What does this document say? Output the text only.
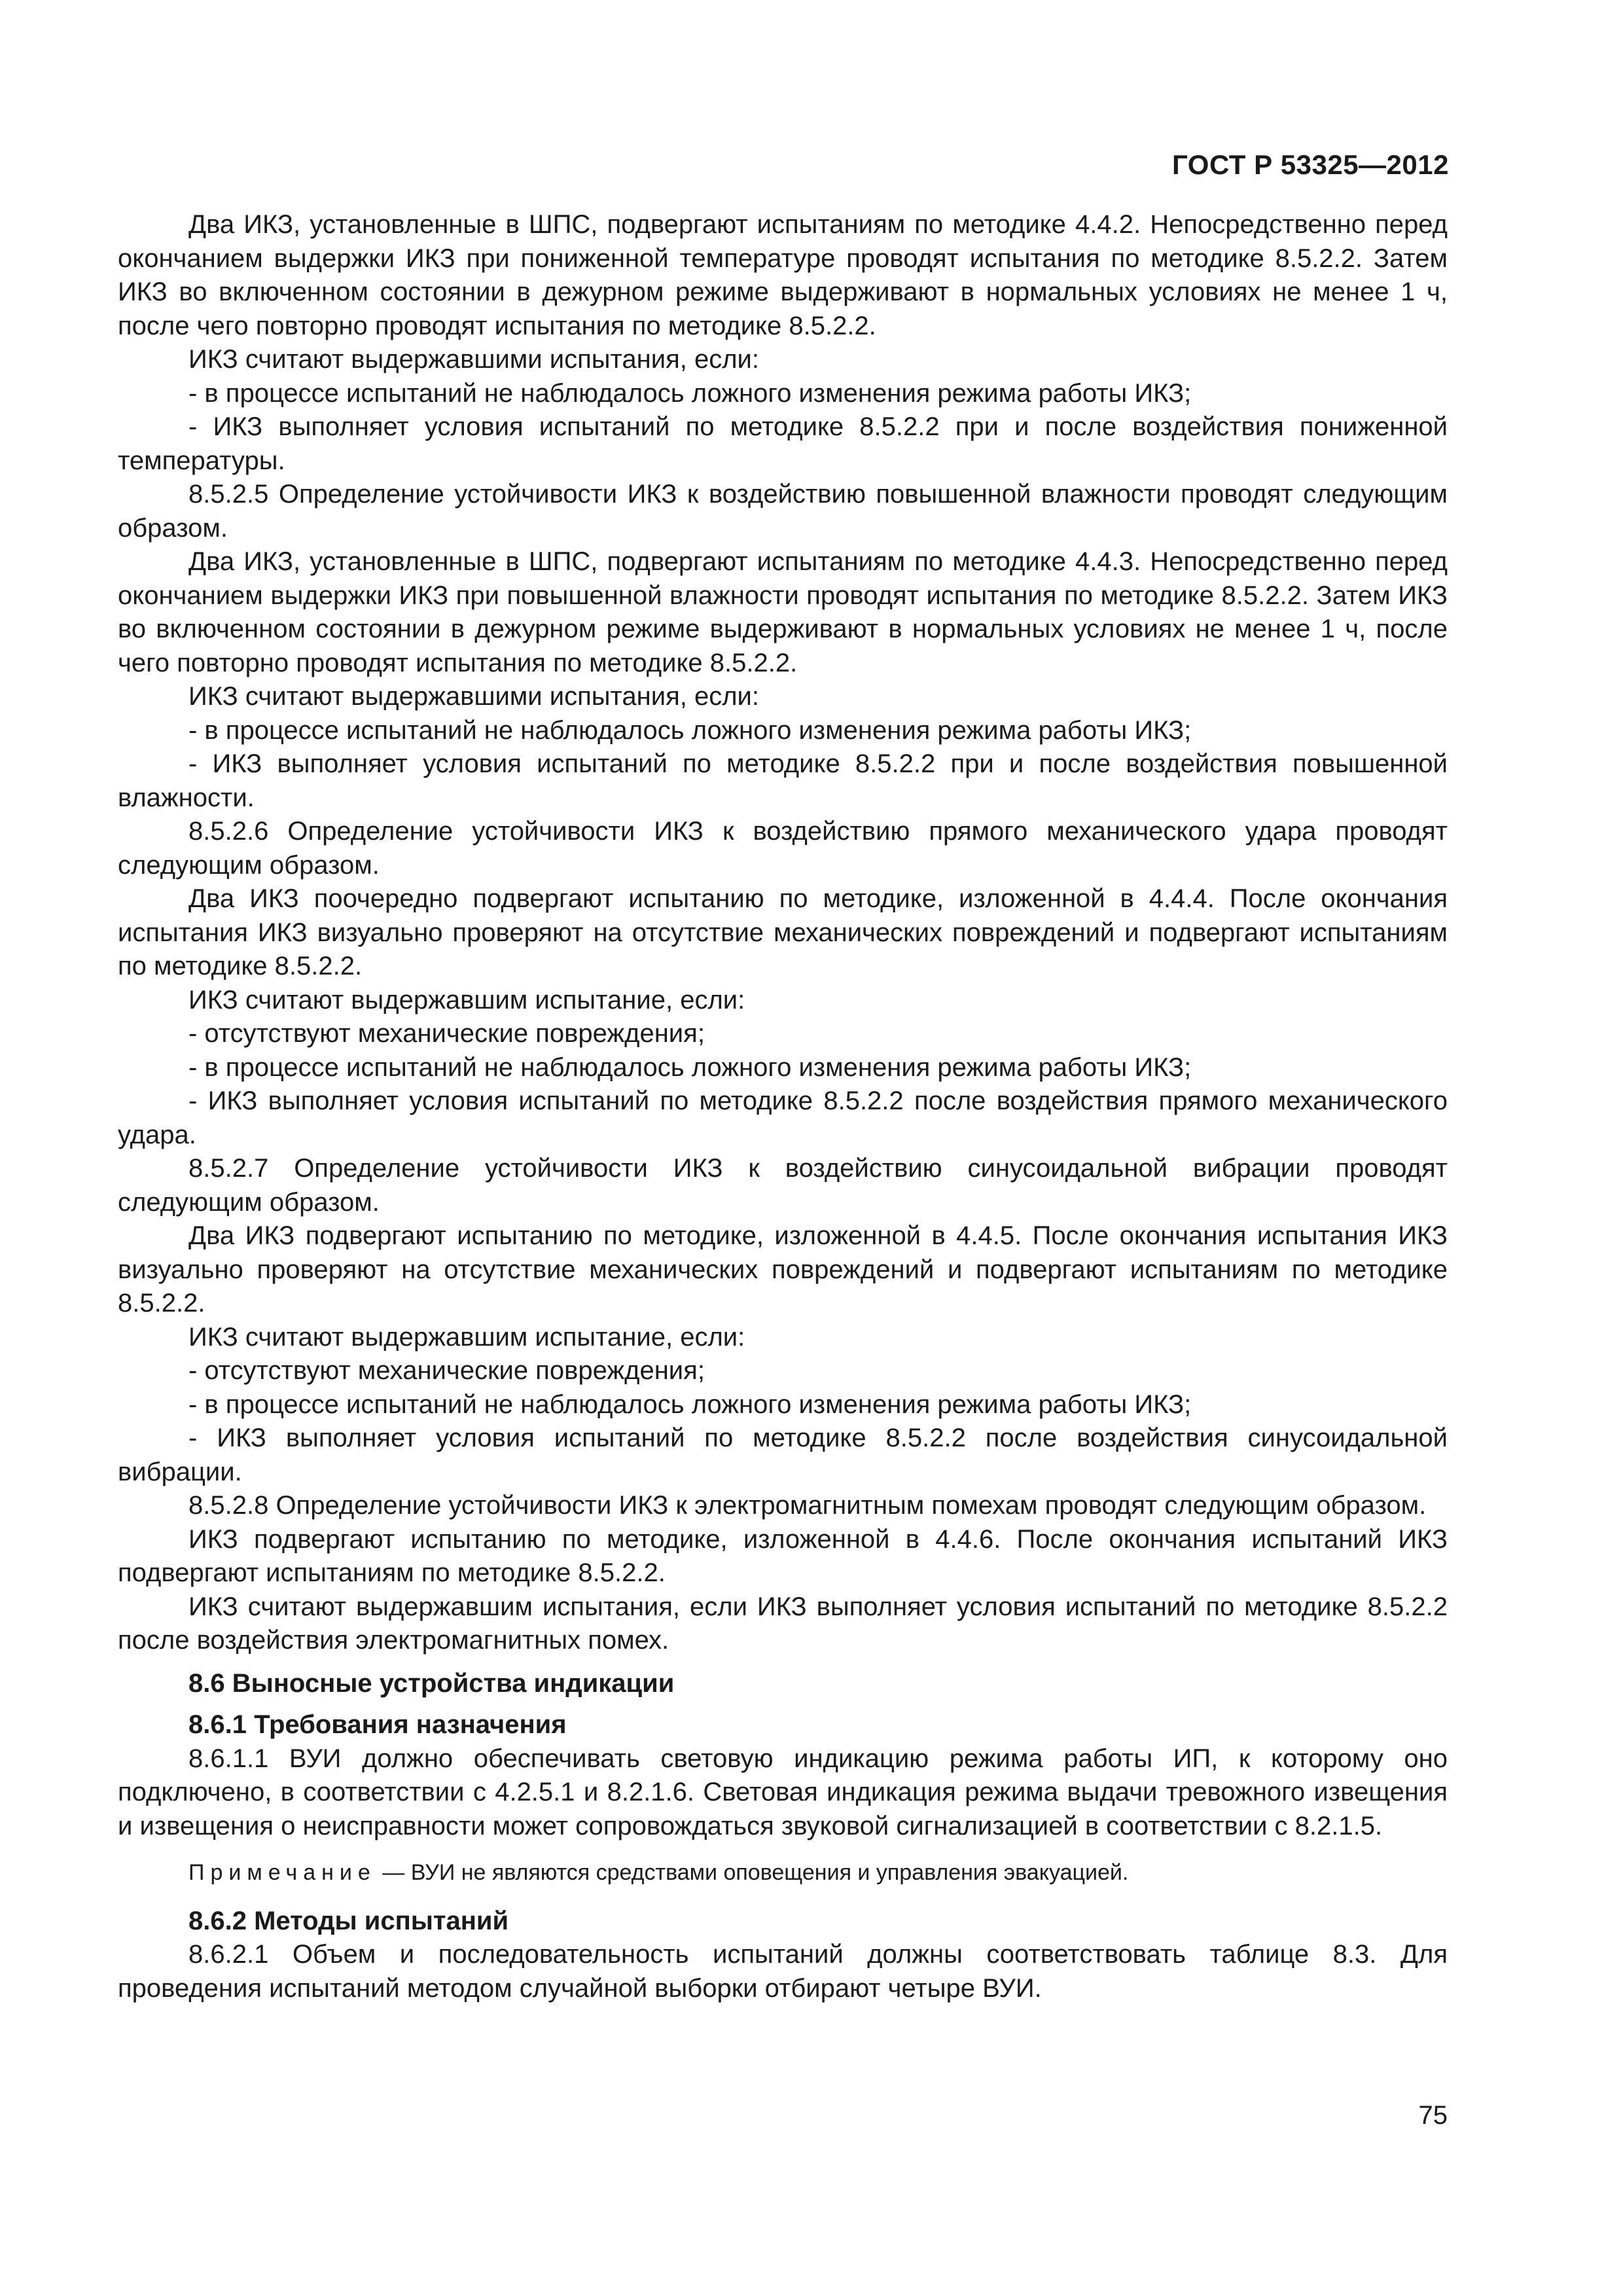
ГОСТ Р 53325—2012

Два ИКЗ, установленные в ШПС, подвергают испытаниям по методике 4.4.2. Непосредственно перед окончанием выдержки ИКЗ при пониженной температуре проводят испытания по методике 8.5.2.2. Затем ИКЗ во включенном состоянии в дежурном режиме выдерживают в нормальных условиях не менее 1 ч, после чего повторно проводят испытания по методике 8.5.2.2.

ИКЗ считают выдержавшими испытания, если:

- в процессе испытаний не наблюдалось ложного изменения режима работы ИКЗ;

- ИКЗ выполняет условия испытаний по методике 8.5.2.2 при и после воздействия пониженной температуры.

8.5.2.5 Определение устойчивости ИКЗ к воздействию повышенной влажности проводят следующим образом.

Два ИКЗ, установленные в ШПС, подвергают испытаниям по методике 4.4.3. Непосредственно перед окончанием выдержки ИКЗ при повышенной влажности проводят испытания по методике 8.5.2.2. Затем ИКЗ во включенном состоянии в дежурном режиме выдерживают в нормальных условиях не менее 1 ч, после чего повторно проводят испытания по методике 8.5.2.2.

ИКЗ считают выдержавшими испытания, если:

- в процессе испытаний не наблюдалось ложного изменения режима работы ИКЗ;

- ИКЗ выполняет условия испытаний по методике 8.5.2.2 при и после воздействия повышенной влажности.

8.5.2.6 Определение устойчивости ИКЗ к воздействию прямого механического удара проводят следующим образом.

Два ИКЗ поочередно подвергают испытанию по методике, изложенной в 4.4.4. После окончания испытания ИКЗ визуально проверяют на отсутствие механических повреждений и подвергают испытаниям по методике 8.5.2.2.

ИКЗ считают выдержавшим испытание, если:

- отсутствуют механические повреждения;

- в процессе испытаний не наблюдалось ложного изменения режима работы ИКЗ;

- ИКЗ выполняет условия испытаний по методике 8.5.2.2 после воздействия прямого механического удара.

8.5.2.7 Определение устойчивости ИКЗ к воздействию синусоидальной вибрации проводят следующим образом.

Два ИКЗ подвергают испытанию по методике, изложенной в 4.4.5. После окончания испытания ИКЗ визуально проверяют на отсутствие механических повреждений и подвергают испытаниям по методике 8.5.2.2.

ИКЗ считают выдержавшим испытание, если:

- отсутствуют механические повреждения;

- в процессе испытаний не наблюдалось ложного изменения режима работы ИКЗ;

- ИКЗ выполняет условия испытаний по методике 8.5.2.2 после воздействия синусоидальной вибрации.

8.5.2.8 Определение устойчивости ИКЗ к электромагнитным помехам проводят следующим образом.

ИКЗ подвергают испытанию по методике, изложенной в 4.4.6. После окончания испытаний ИКЗ подвергают испытаниям по методике 8.5.2.2.

ИКЗ считают выдержавшим испытания, если ИКЗ выполняет условия испытаний по методике 8.5.2.2 после воздействия электромагнитных помех.

8.6 Выносные устройства индикации
8.6.1 Требования назначения

8.6.1.1 ВУИ должно обеспечивать световую индикацию режима работы ИП, к которому оно подключено, в соответствии с 4.2.5.1 и 8.2.1.6. Световая индикация режима выдачи тревожного извещения и извещения о неисправности может сопровождаться звуковой сигнализацией в соответствии с 8.2.1.5.

Примечание — ВУИ не являются средствами оповещения и управления эвакуацией.

8.6.2 Методы испытаний

8.6.2.1 Объем и последовательность испытаний должны соответствовать таблице 8.3. Для проведения испытаний методом случайной выборки отбирают четыре ВУИ.

75
